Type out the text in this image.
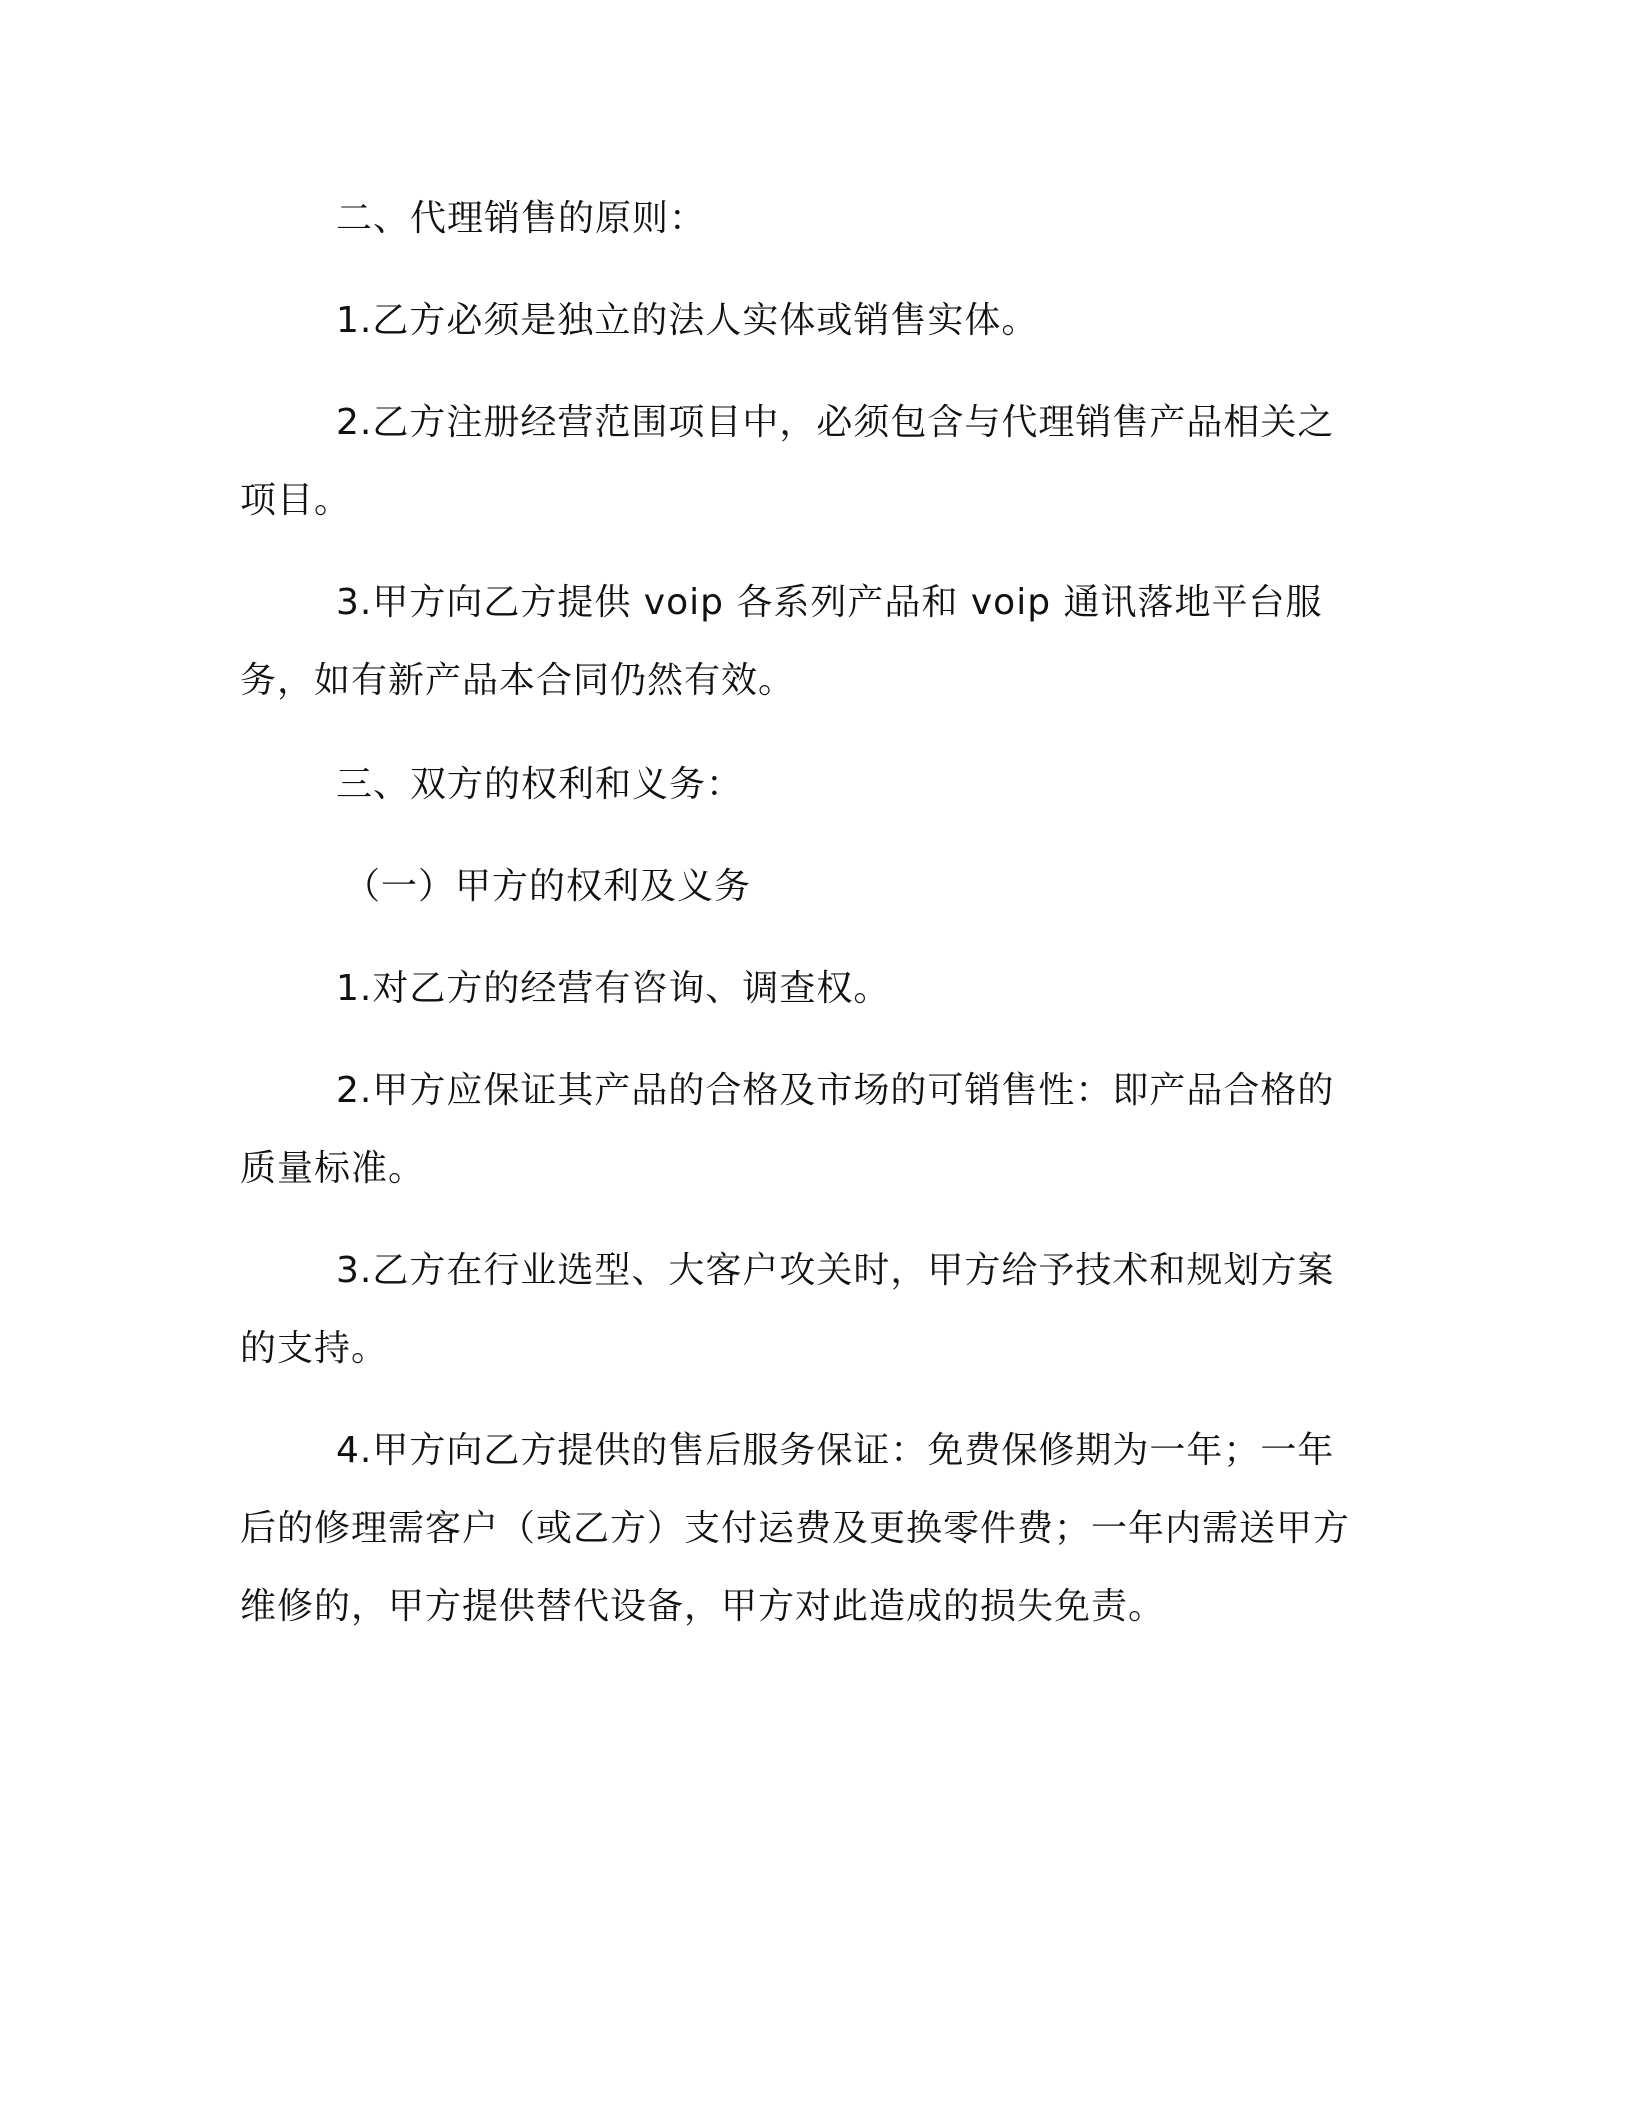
二、代理销售的原则：

1.乙方必须是独立的法人实体或销售实体。

2.乙方注册经营范围项目中，必须包含与代理销售产品相关之项目。

3.甲方向乙方提供 voip 各系列产品和 voip 通讯落地平台服务，如有新产品本合同仍然有效。

三、双方的权利和义务：

（一）甲方的权利及义务

1.对乙方的经营有咨询、调查权。

2.甲方应保证其产品的合格及市场的可销售性：即产品合格的质量标准。

3.乙方在行业选型、大客户攻关时，甲方给予技术和规划方案的支持。

4.甲方向乙方提供的售后服务保证：免费保修期为一年；一年后的修理需客户（或乙方）支付运费及更换零件费；一年内需送甲方维修的，甲方提供替代设备，甲方对此造成的损失免责。
